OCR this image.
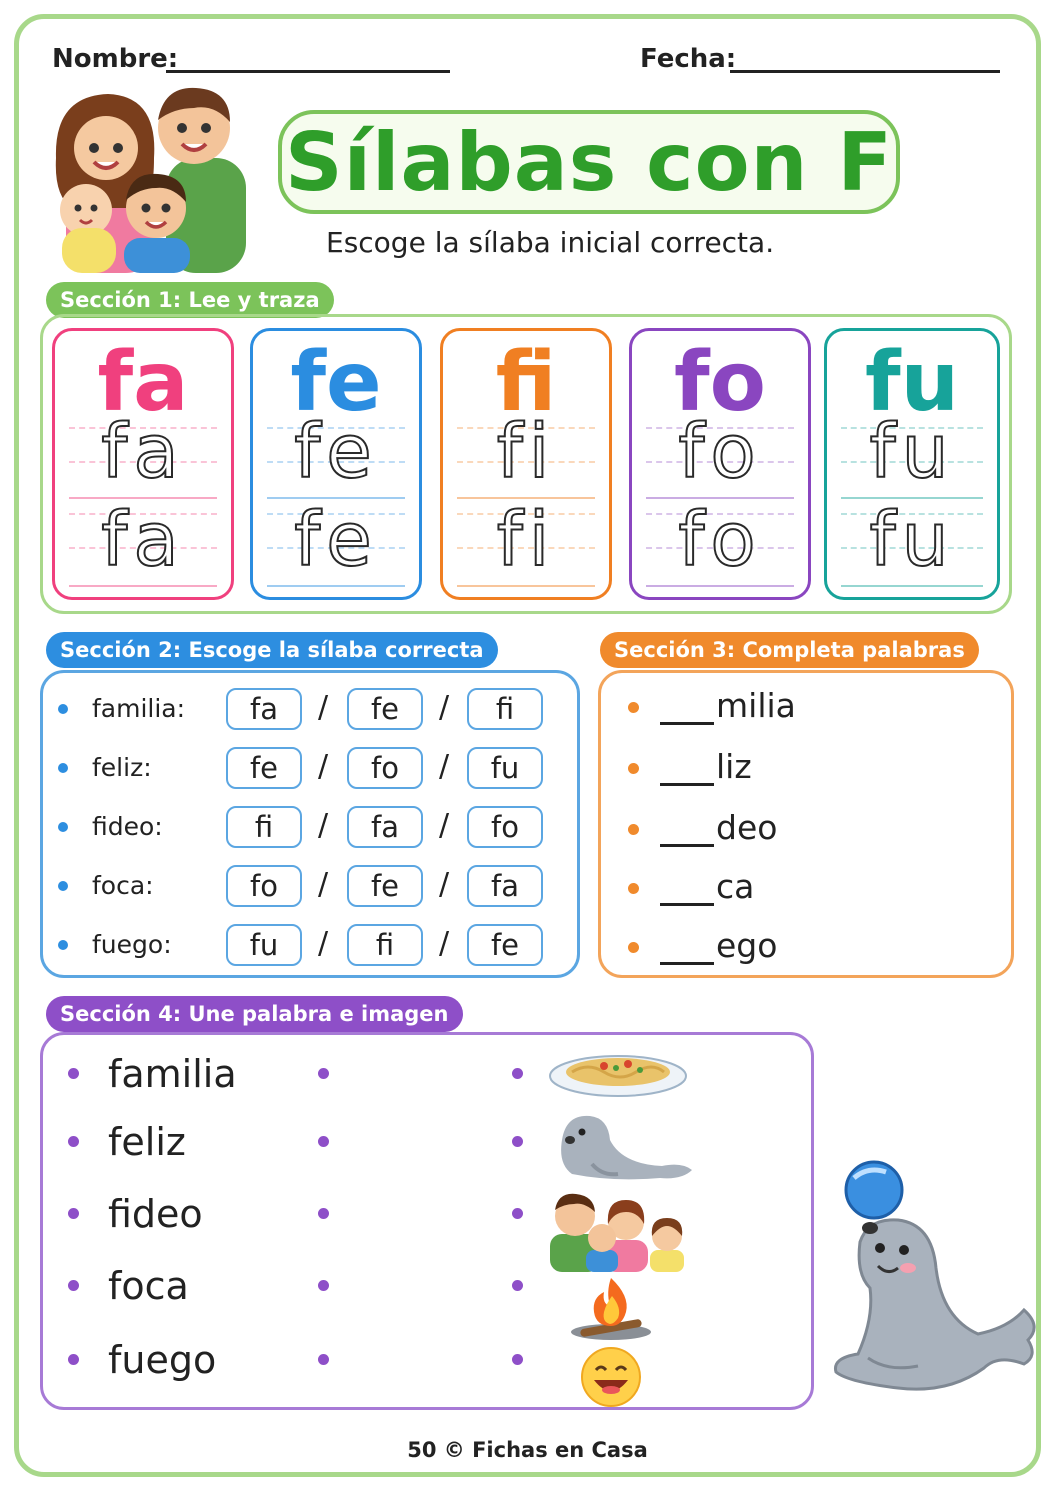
Nombre:	Fecha:
Sílabas con F
Escoge la sílaba inicial correcta.
Sección 1: Lee y traza
fa
fa
fa
fe
fe
fe
fi
fi
fi
fo
fo
fo
fu
fu
fu
Sección 2: Escoge la sílaba correcta
familia:	fa	fe	fi
/	/
feliz:	fe	fo	fu
/	/
fideo:	fi	fa	fo
/	/
foca:	fo	fe	fa
/	/
fuego:	fu	fi	fe
/	/
Sección 3: Completa palabras
milia
liz
deo
ca
ego
Sección 4: Une palabra e imagen
familia
feliz
fideo
foca
fuego
50 © Fichas en Casa
